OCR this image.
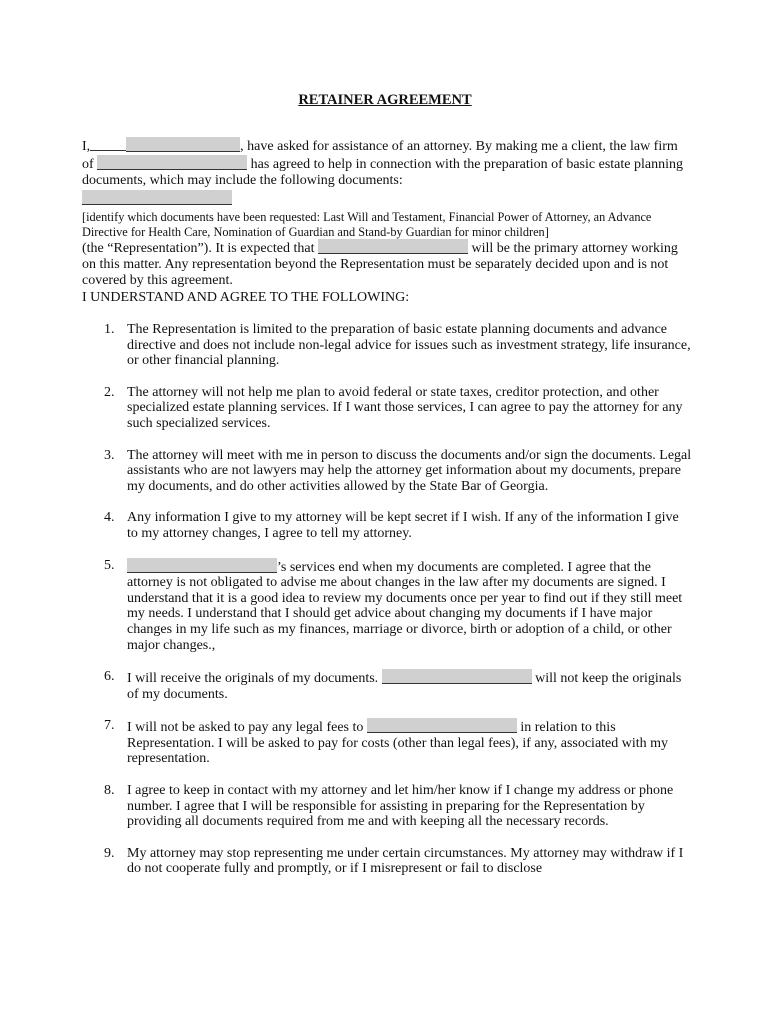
RETAINER AGREEMENT

I,	, have asked for assistance of an attorney. By making me a client, the law firm of	has agreed to help in connection with the preparation of basic estate planning documents, which may include the following documents:

[identify which documents have been requested: Last Will and Testament, Financial Power of Attorney, an Advance Directive for Health Care, Nomination of Guardian and Stand-by Guardian for minor children]

(the “Representation”). It is expected that	will be the primary attorney working on this matter. Any representation beyond the Representation must be separately decided upon and is not covered by this agreement.

I UNDERSTAND AND AGREE TO THE FOLLOWING:
1. The Representation is limited to the preparation of basic estate planning documents and advance directive and does not include non-legal advice for issues such as investment strategy, life insurance, or other financial planning.
2. The attorney will not help me plan to avoid federal or state taxes, creditor protection, and other specialized estate planning services. If I want those services, I can agree to pay the attorney for any such specialized services.
3. The attorney will meet with me in person to discuss the documents and/or sign the documents. Legal assistants who are not lawyers may help the attorney get information about my documents, prepare my documents, and do other activities allowed by the State Bar of Georgia.
4. Any information I give to my attorney will be kept secret if I wish. If any of the information I give to my attorney changes, I agree to tell my attorney.
5.	’s services end when my documents are completed. I agree that the attorney is not obligated to advise me about changes in the law after my documents are signed. I understand that it is a good idea to review my documents once per year to find out if they still meet my needs. I understand that I should get advice about changing my documents if I have major changes in my life such as my finances, marriage or divorce, birth or adoption of a child, or other major changes.,
6. I will receive the originals of my documents.	will not keep the originals of my documents.
7. I will not be asked to pay any legal fees to	in relation to this Representation. I will be asked to pay for costs (other than legal fees), if any, associated with my representation.
8. I agree to keep in contact with my attorney and let him/her know if I change my address or phone number. I agree that I will be responsible for assisting in preparing for the Representation by providing all documents required from me and with keeping all the necessary records.
9. My attorney may stop representing me under certain circumstances. My attorney may withdraw if I do not cooperate fully and promptly, or if I misrepresent or fail to disclose
